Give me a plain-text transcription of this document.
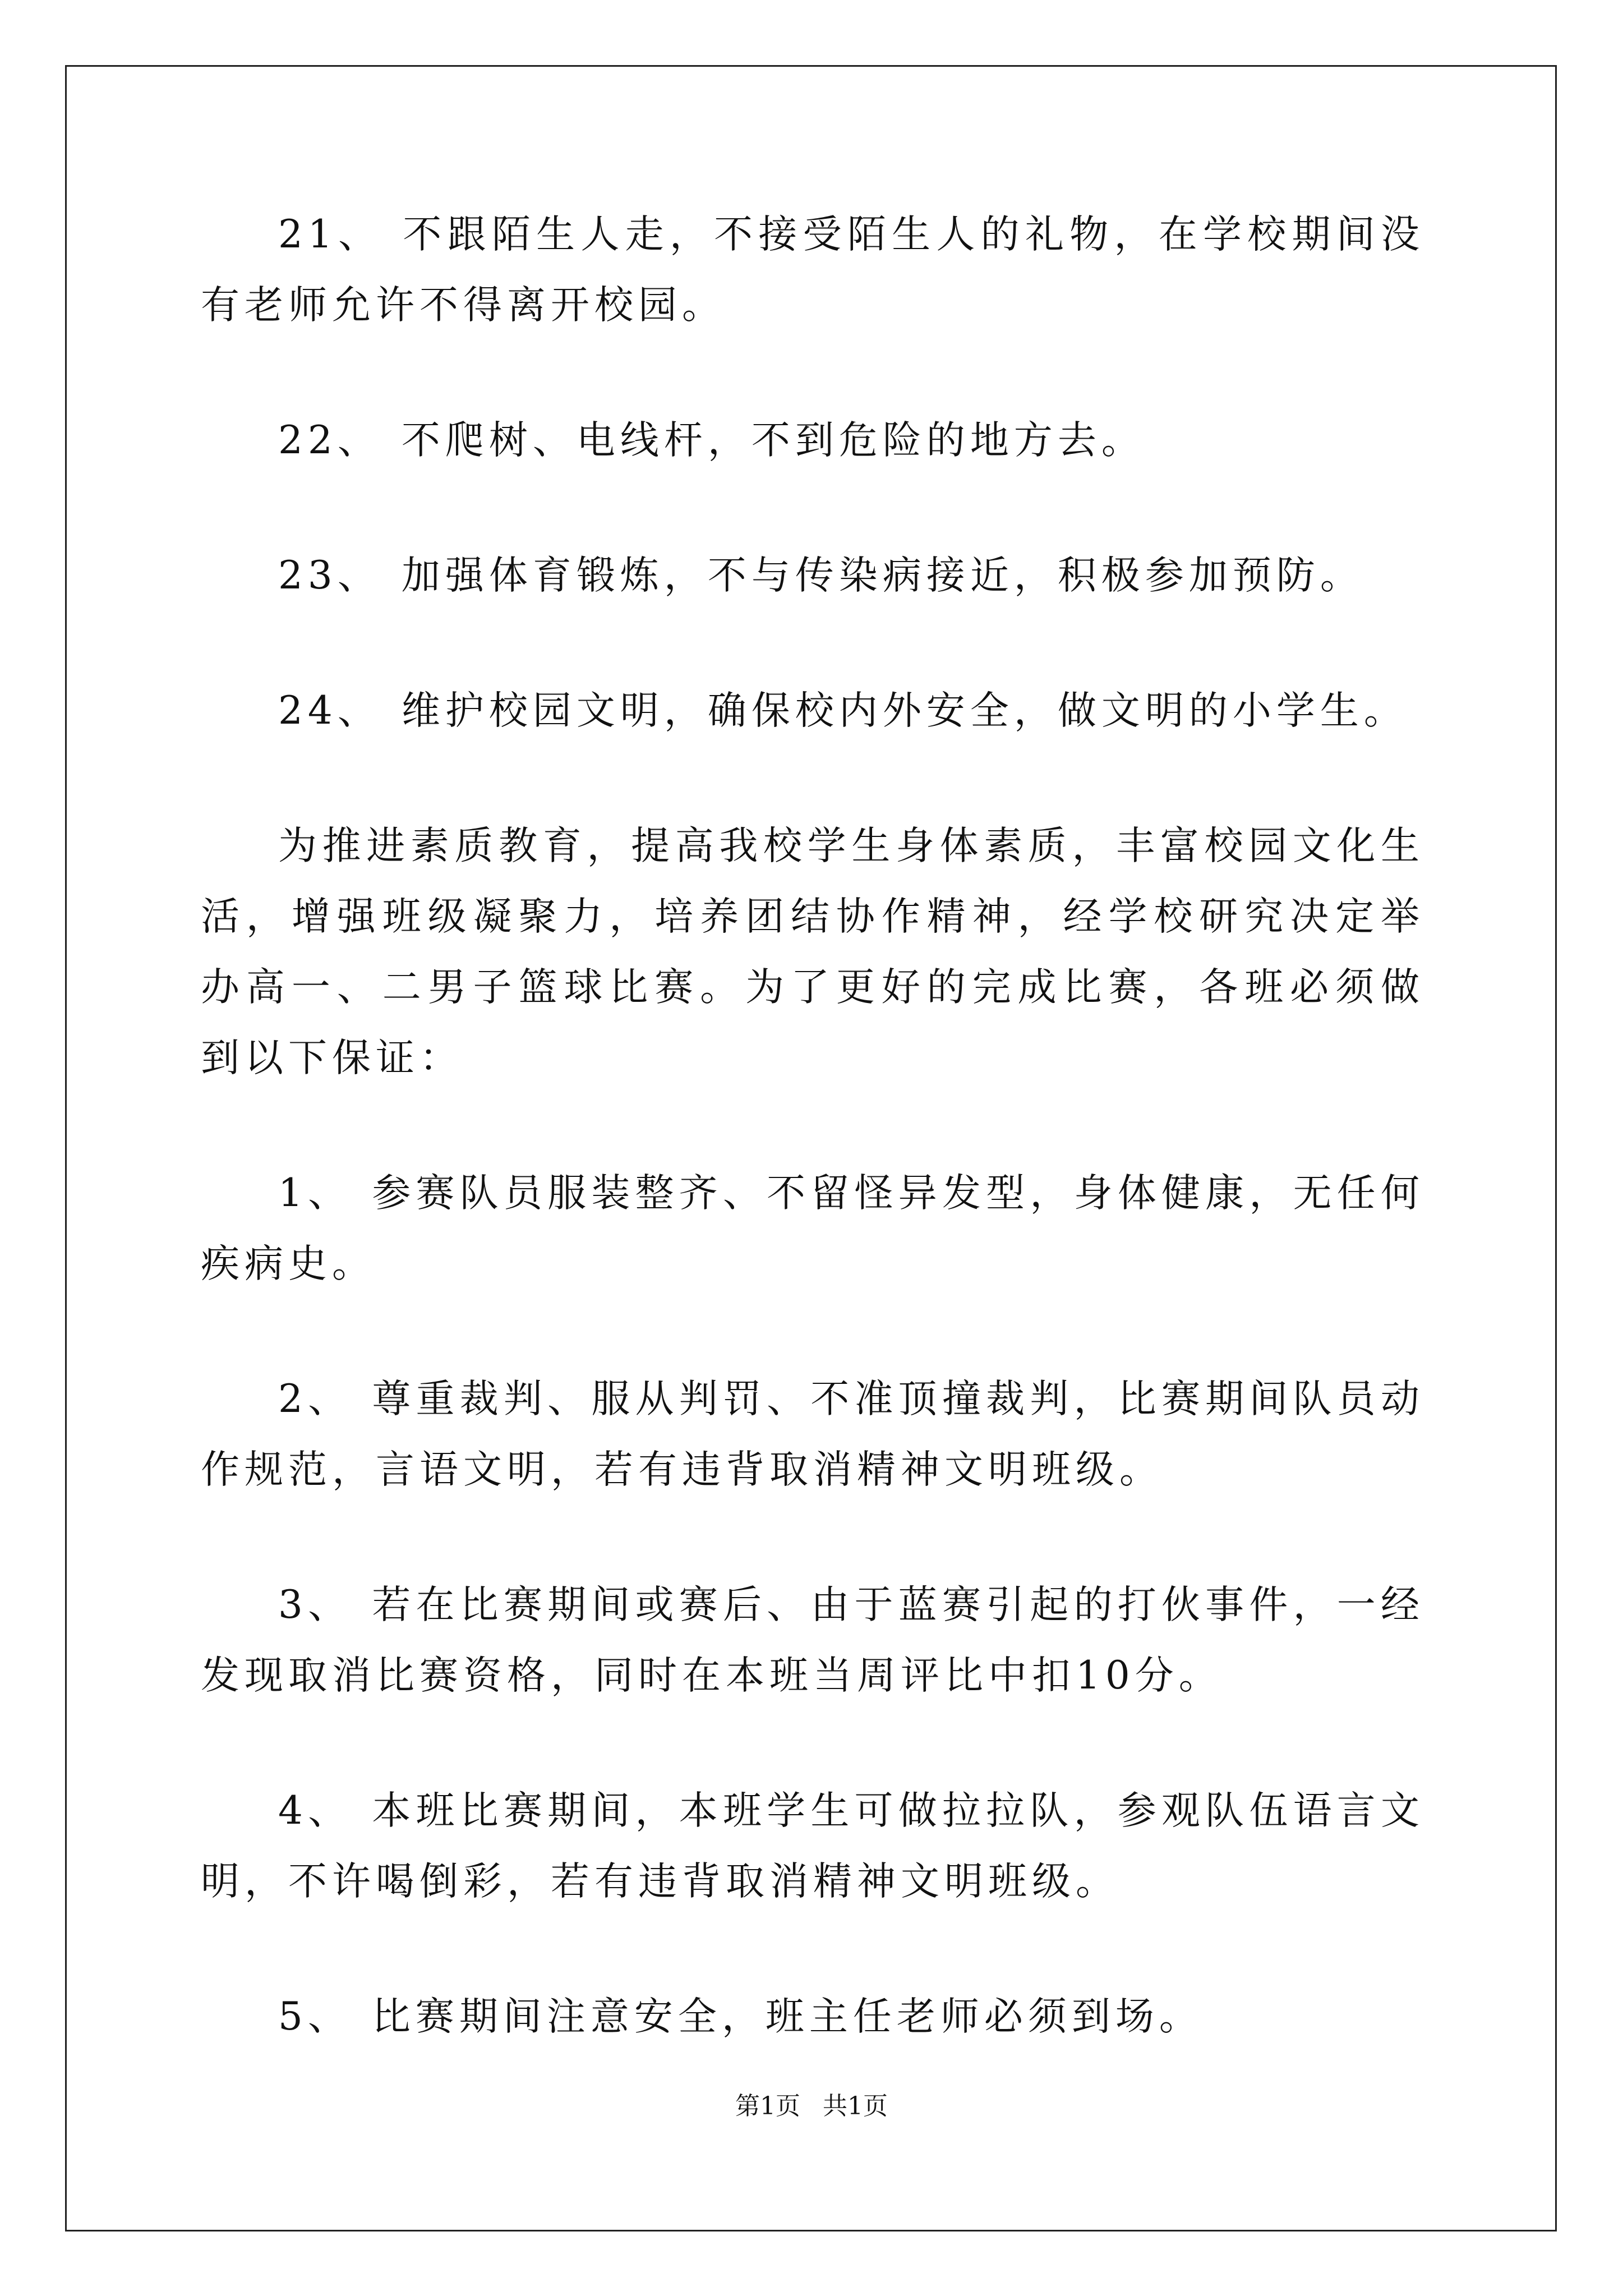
21、 不跟陌生人走，不接受陌生人的礼物，在学校期间没有老师允许不得离开校园。

22、 不爬树、电线杆，不到危险的地方去。

23、 加强体育锻炼，不与传染病接近，积极参加预防。

24、 维护校园文明，确保校内外安全，做文明的小学生。

为推进素质教育，提高我校学生身体素质，丰富校园文化生活，增强班级凝聚力，培养团结协作精神，经学校研究决定举办高一、二男子篮球比赛。为了更好的完成比赛，各班必须做到以下保证：

1、 参赛队员服装整齐、不留怪异发型，身体健康，无任何疾病史。

2、 尊重裁判、服从判罚、不准顶撞裁判，比赛期间队员动作规范，言语文明，若有违背取消精神文明班级。

3、 若在比赛期间或赛后、由于蓝赛引起的打伙事件，一经发现取消比赛资格，同时在本班当周评比中扣10分。

4、 本班比赛期间，本班学生可做拉拉队，参观队伍语言文明，不许喝倒彩，若有违背取消精神文明班级。

5、 比赛期间注意安全，班主任老师必须到场。

第1页 共1页
